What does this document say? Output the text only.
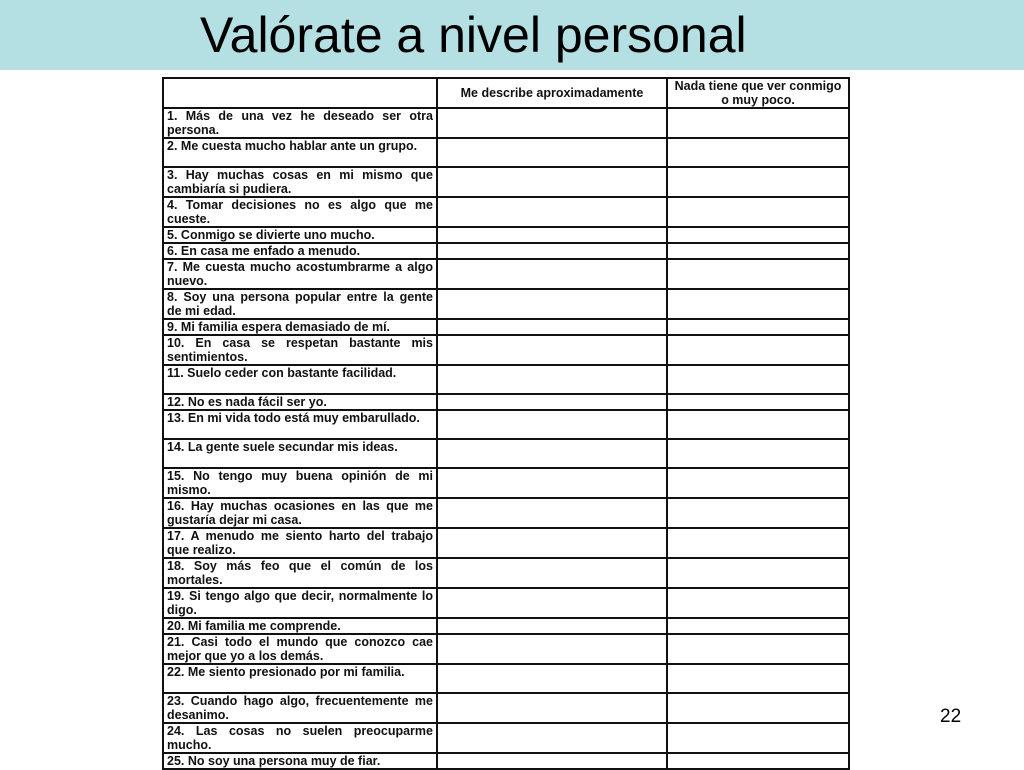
Valórate a nivel personal
	Me describe aproximadamente	Nada tiene que ver conmigo o muy poco.
1. Más de una vez he deseado ser otra persona.		
2. Me cuesta mucho hablar ante un grupo.		
3. Hay muchas cosas en mi mismo que cambiaría si pudiera.		
4. Tomar decisiones no es algo que me cueste.		
5. Conmigo se divierte uno mucho.		
6. En casa me enfado a menudo.		
7. Me cuesta mucho acostumbrarme a algo nuevo.		
8. Soy una persona popular entre la gente de mi edad.		
9. Mi familia espera demasiado de mí.		
10. En casa se respetan bastante mis sentimientos.		
11. Suelo ceder con bastante facilidad.		
12. No es nada fácil ser yo.		
13. En mi vida todo está muy embarullado.		
14. La gente suele secundar mis ideas.		
15. No tengo muy buena opinión de mi mismo.		
16. Hay muchas ocasiones en las que me gustaría dejar mi casa.		
17. A menudo me siento harto del trabajo que realizo.		
18. Soy más feo que el común de los mortales.		
19. Si tengo algo que decir, normalmente lo digo.		
20. Mi familia me comprende.		
21. Casi todo el mundo que conozco cae mejor que yo a los demás.		
22. Me siento presionado por mi familia.		
23. Cuando hago algo, frecuentemente me desanimo.		
24. Las cosas no suelen preocuparme mucho.		
25. No soy una persona muy de fiar.		
22
